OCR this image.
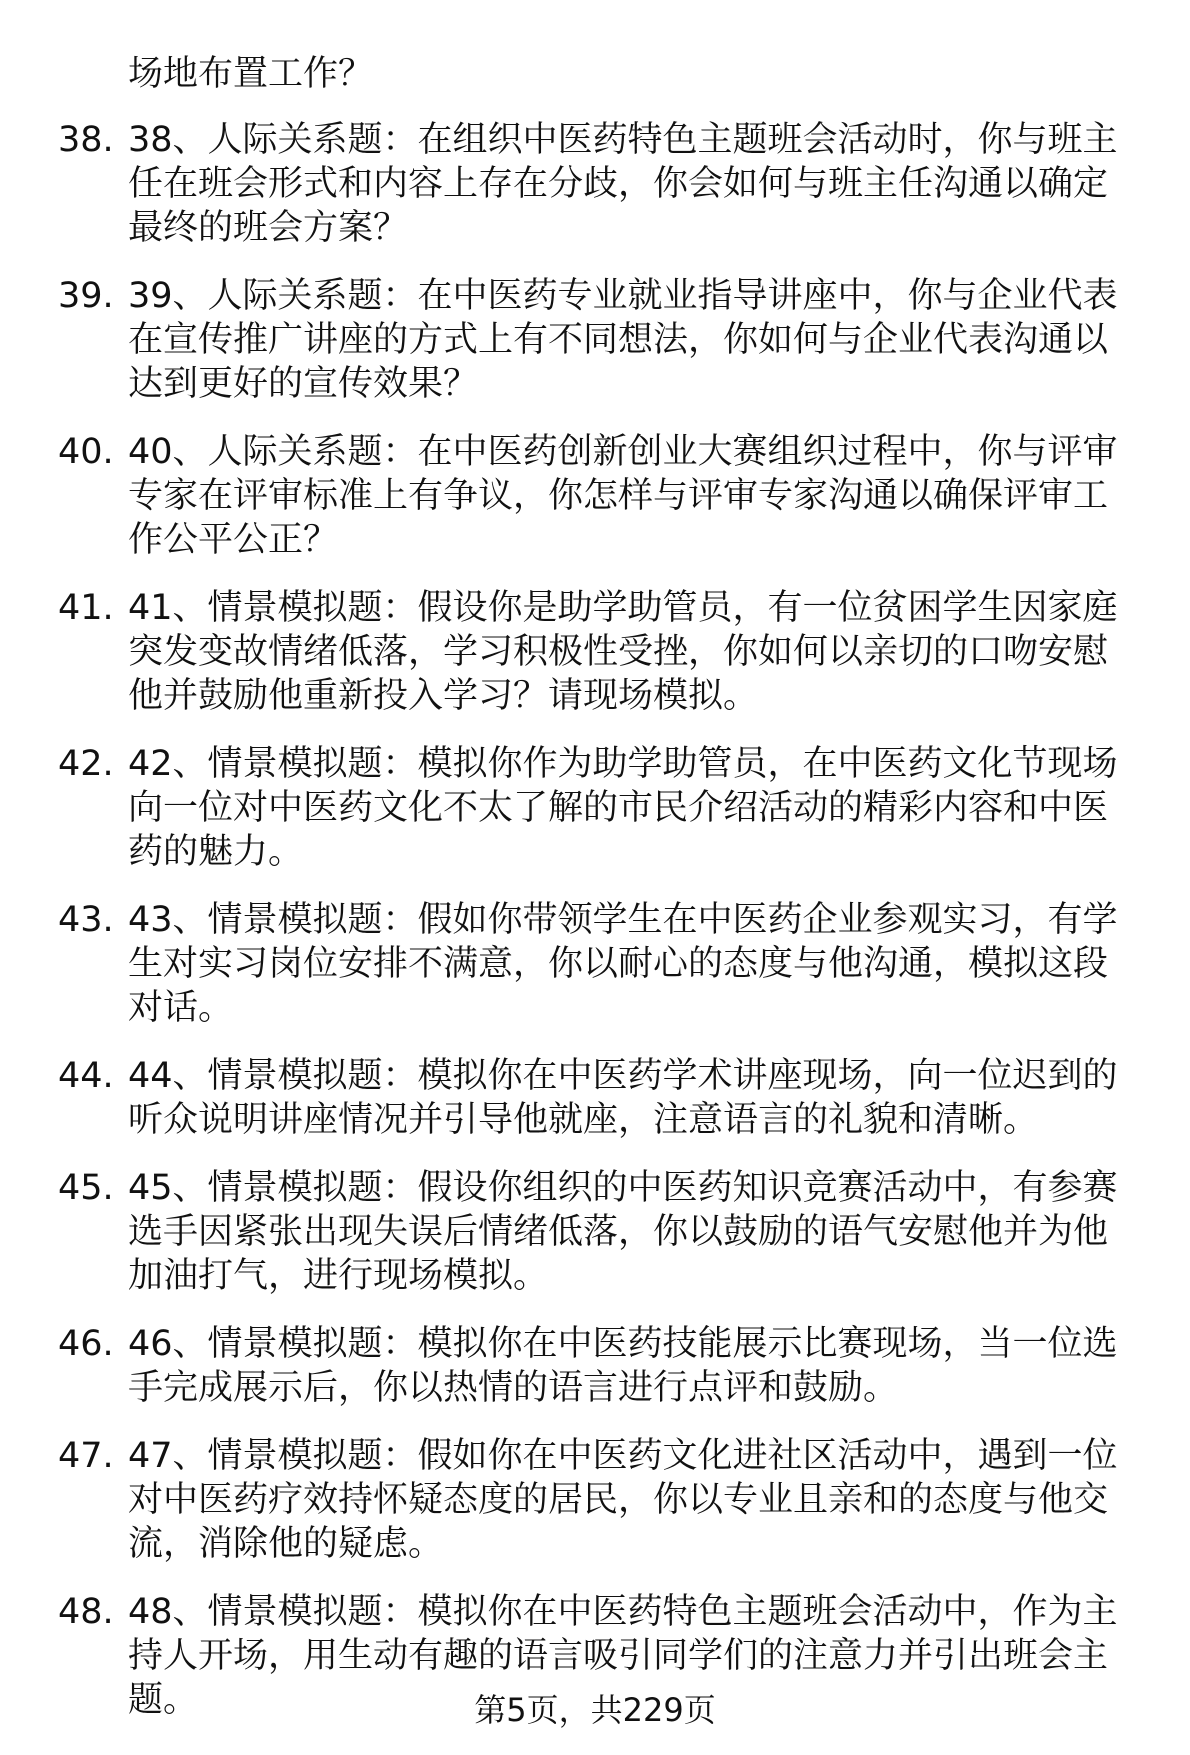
场地布置工作？
38. 38、人际关系题：在组织中医药特色主题班会活动时，你与班主
任在班会形式和内容上存在分歧，你会如何与班主任沟通以确定
最终的班会方案？
39. 39、人际关系题：在中医药专业就业指导讲座中，你与企业代表
在宣传推广讲座的方式上有不同想法，你如何与企业代表沟通以
达到更好的宣传效果？
40. 40、人际关系题：在中医药创新创业大赛组织过程中，你与评审
专家在评审标准上有争议，你怎样与评审专家沟通以确保评审工
作公平公正？
41. 41、情景模拟题：假设你是助学助管员，有一位贫困学生因家庭
突发变故情绪低落，学习积极性受挫，你如何以亲切的口吻安慰
他并鼓励他重新投入学习？请现场模拟。
42. 42、情景模拟题：模拟你作为助学助管员，在中医药文化节现场
向一位对中医药文化不太了解的市民介绍活动的精彩内容和中医
药的魅力。
43. 43、情景模拟题：假如你带领学生在中医药企业参观实习，有学
生对实习岗位安排不满意，你以耐心的态度与他沟通，模拟这段
对话。
44. 44、情景模拟题：模拟你在中医药学术讲座现场，向一位迟到的
听众说明讲座情况并引导他就座，注意语言的礼貌和清晰。
45. 45、情景模拟题：假设你组织的中医药知识竞赛活动中，有参赛
选手因紧张出现失误后情绪低落，你以鼓励的语气安慰他并为他
加油打气，进行现场模拟。
46. 46、情景模拟题：模拟你在中医药技能展示比赛现场，当一位选
手完成展示后，你以热情的语言进行点评和鼓励。
47. 47、情景模拟题：假如你在中医药文化进社区活动中，遇到一位
对中医药疗效持怀疑态度的居民，你以专业且亲和的态度与他交
流，消除他的疑虑。
48. 48、情景模拟题：模拟你在中医药特色主题班会活动中，作为主
持人开场，用生动有趣的语言吸引同学们的注意力并引出班会主
题。	第5页，共229页
